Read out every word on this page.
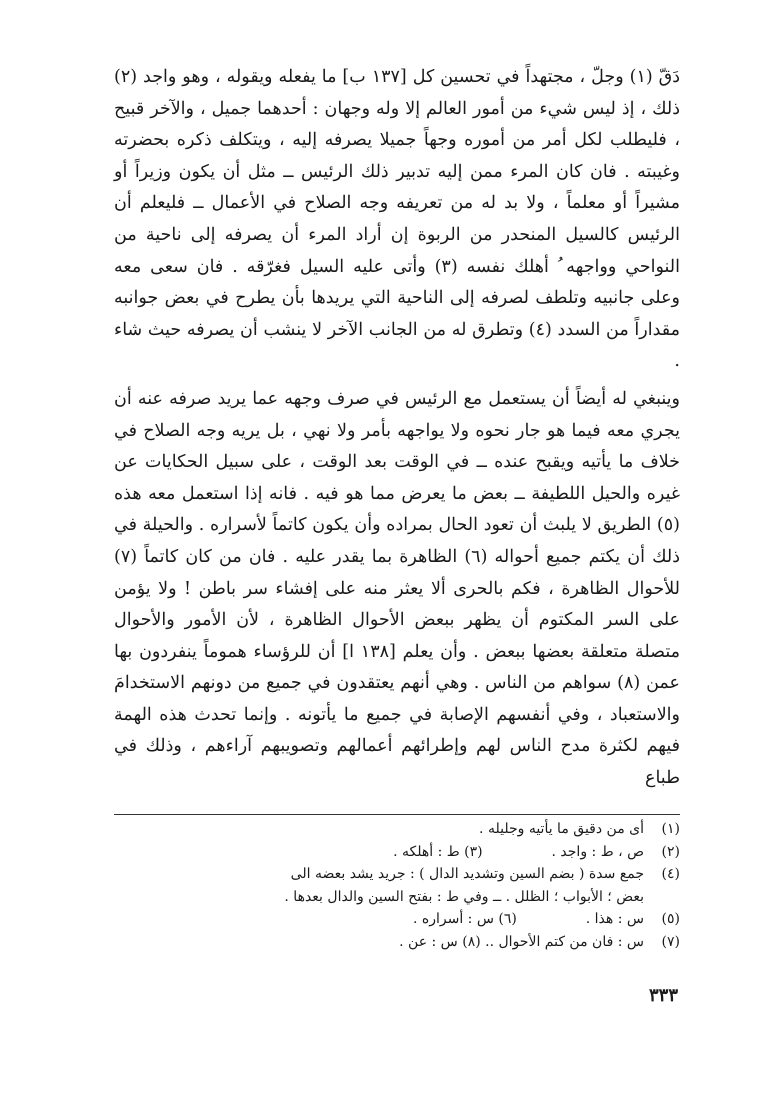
دَقّ (١) وجلّ ، مجتهداً في تحسين كل [١٣٧ ب] ما يفعله ويقوله ، وهو واجد (٢) ذلك ، إذ ليس شيء من أمور العالم إلا وله وجهان : أحدهما جميل ، والآخر قبيح ، فليطلب لكل أمر من أموره وجهاً جميلا يصرفه إليه ، ويتكلف ذكره بحضرته وغيبته . فان كان المرء ممن إليه تدبير ذلك الرئيس ــ مثل أن يكون وزيراً أو مشيراً أو معلماً ، ولا بد له من تعريفه وجه الصلاح في الأعمال ــ فليعلم أن الرئيس كالسيل المنحدر من الربوة إن أراد المرء أن يصرفه إلى ناحية من النواحي وواجهه ُ أهلك نفسه (٣) وأتى عليه السيل فغرّقه . فان سعى معه وعلى جانبيه وتلطف لصرفه إلى الناحية التي يريدها بأن يطرح في بعض جوانبه مقداراً من السدد (٤) وتطرق له من الجانب الآخر لا ينشب أن يصرفه حيث شاء .

وينبغي له أيضاً أن يستعمل مع الرئيس في صرف وجهه عما يريد صرفه عنه أن يجري معه فيما هو جار نحوه ولا يواجهه بأمر ولا نهي ، بل يريه وجه الصلاح في خلاف ما يأتيه ويقبح عنده ــ في الوقت بعد الوقت ، على سبيل الحكايات عن غيره والحيل اللطيفة ــ بعض ما يعرض مما هو فيه . فانه إذا استعمل معه هذه (٥) الطريق لا يلبث أن تعود الحال بمراده وأن يكون كاتماً لأسراره . والحيلة في ذلك أن يكتم جميع أحواله (٦) الظاهرة بما يقدر عليه . فان من كان كاتماً (٧) للأحوال الظاهرة ، فكم بالحرى ألا يعثر منه على إفشاء سر باطن ! ولا يؤمن على السر المكتوم أن يظهر ببعض الأحوال الظاهرة ، لأن الأمور والأحوال متصلة متعلقة بعضها ببعض . وأن يعلم [١٣٨ ا] أن للرؤساء هموماً ينفردون بها عمن (٨) سواهم من الناس . وهي أنهم يعتقدون في جميع من دونهم الاستخدامَ والاستعباد ، وفي أنفسهم الإصابة في جميع ما يأتونه . وإنما تحدث هذه الهمة فيهم لكثرة مدح الناس لهم وإطرائهم أعمالهم وتصويبهم آراءهم ، وذلك في طباع

(١)
أى من دقيق ما يأتيه وجليله .
(٢)
ص ، ط : واجد .  (٣) ط : أهلكه .
(٤)
جمع سدة ( بضم السين وتشديد الدال ) : جريد يشد بعضه الى
بعض ؛ الأبواب ؛ الظلل . ــ وفي ط : بفتح السين والدال بعدها .
(٥)
س : هذا .  (٦) س : أسراره .
(٧)
س : فان من كتم الأحوال .. (٨) س : عن .
٣٣٣
